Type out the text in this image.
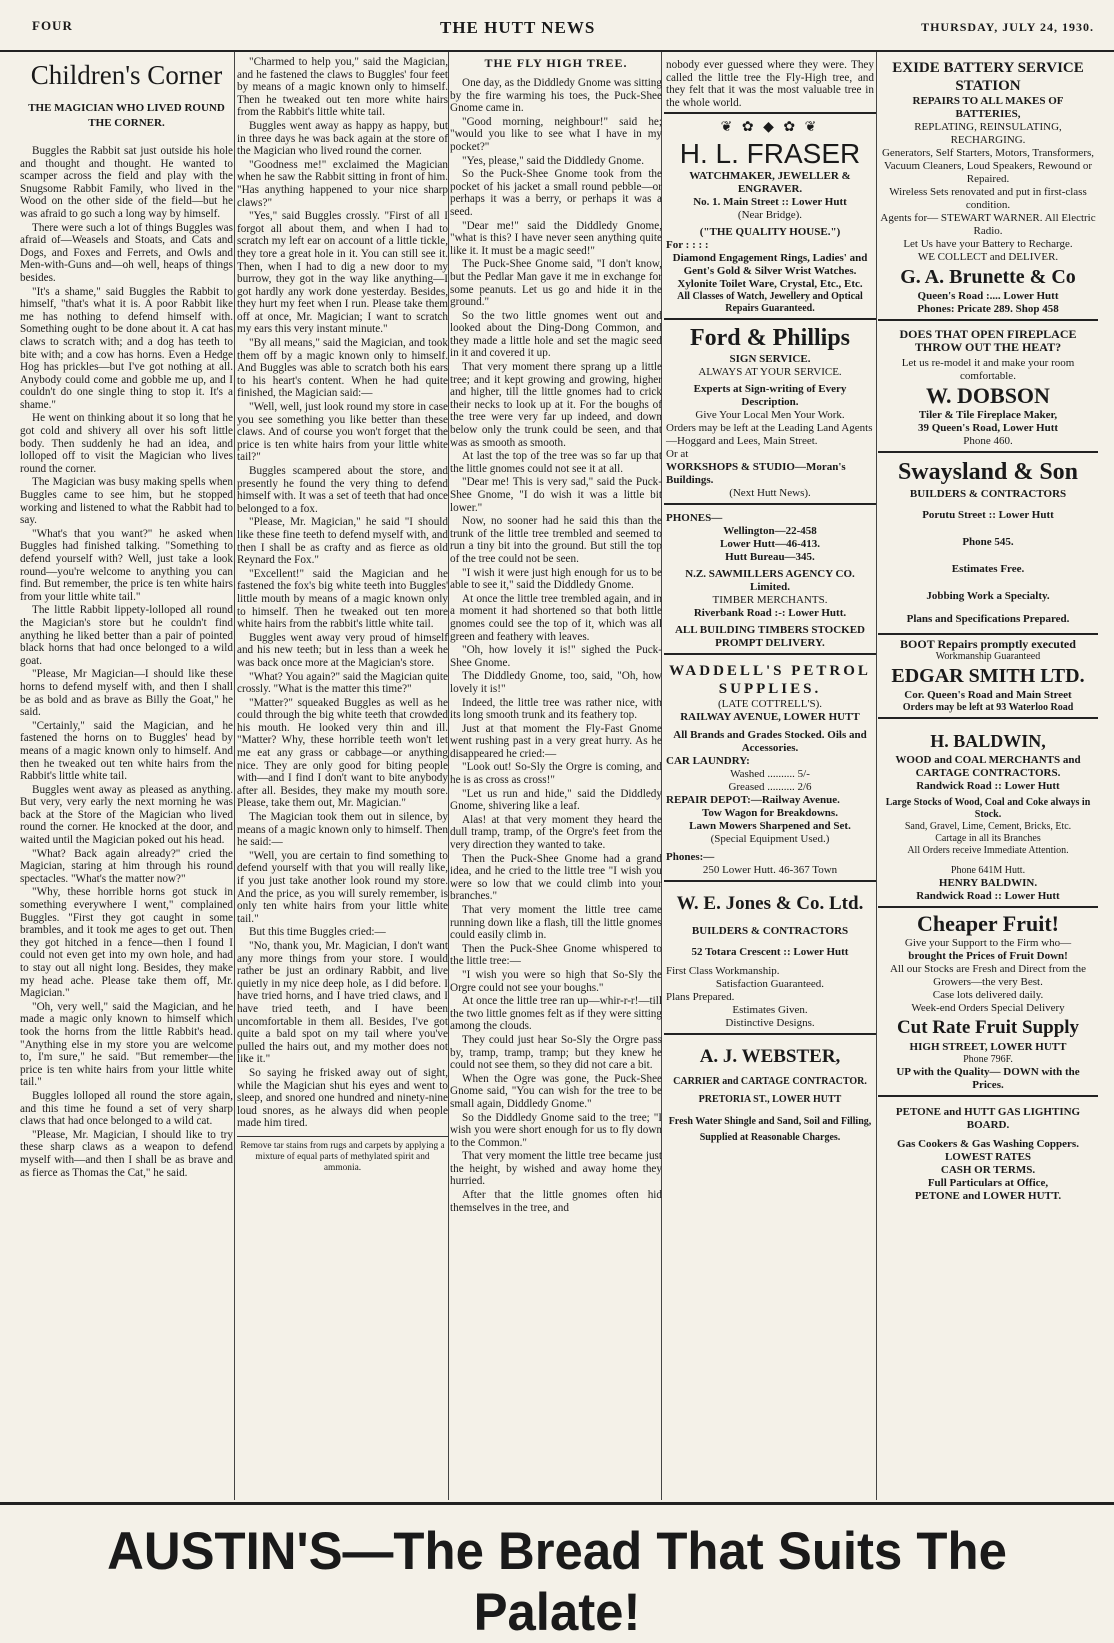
FOUR	THE HUTT NEWS	THURSDAY, JULY 24, 1930.
Children's Corner
THE MAGICIAN WHO LIVED ROUND THE CORNER.

Buggles the Rabbit sat just outside his hole and thought and thought. He wanted to scamper across the field and play with the Snugsome Rabbit Family, who lived in the Wood on the other side of the field—but he was afraid to go such a long way by himself.

There were such a lot of things Buggles was afraid of—Weasels and Stoats, and Cats and Dogs, and Foxes and Ferrets, and Owls and Men-with-Guns and—oh well, heaps of things besides.

"It's a shame," said Buggles the Rabbit to himself, "that's what it is. A poor Rabbit like me has nothing to defend himself with. Something ought to be done about it. A cat has claws to scratch with; and a dog has teeth to bite with; and a cow has horns. Even a Hedge Hog has prickles—but I've got nothing at all. Anybody could come and gobble me up, and I couldn't do one single thing to stop it. It's a shame."

He went on thinking about it so long that he got cold and shivery all over his soft little body. Then suddenly he had an idea, and lolloped off to visit the Magician who lives round the corner.

The Magician was busy making spells when Buggles came to see him, but he stopped working and listened to what the Rabbit had to say.

"What's that you want?" he asked when Buggles had finished talking. "Something to defend yourself with? Well, just take a look round—you're welcome to anything you can find. But remember, the price is ten white hairs from your little white tail."

The little Rabbit lippety-lolloped all round the Magician's store but he couldn't find anything he liked better than a pair of pointed black horns that had once belonged to a wild goat.

"Please, Mr Magician—I should like these horns to defend myself with, and then I shall be as bold and as brave as Billy the Goat," he said.

"Certainly," said the Magician, and he fastened the horns on to Buggles' head by means of a magic known only to himself. And then he tweaked out ten white hairs from the Rabbit's little white tail.

Buggles went away as pleased as anything. But very, very early the next morning he was back at the Store of the Magician who lived round the corner. He knocked at the door, and waited until the Magician poked out his head.

"What? Back again already?" cried the Magician, staring at him through his round spectacles. "What's the matter now?"

"Why, these horrible horns got stuck in something everywhere I went," complained Buggles. "First they got caught in some brambles, and it took me ages to get out. Then they got hitched in a fence—then I found I could not even get into my own hole, and had to stay out all night long. Besides, they make my head ache. Please take them off, Mr. Magician."

"Oh, very well," said the Magician, and he made a magic only known to himself which took the horns from the little Rabbit's head. "Anything else in my store you are welcome to, I'm sure," he said. "But remember—the price is ten white hairs from your little white tail."

Buggles lolloped all round the store again, and this time he found a set of very sharp claws that had once belonged to a wild cat.

"Please, Mr. Magician, I should like to try these sharp claws as a weapon to defend myself with—and then I shall be as brave and as fierce as Thomas the Cat," he said.

"Charmed to help you," said the Magician, and he fastened the claws to Buggles' four feet by means of a magic known only to himself. Then he tweaked out ten more white hairs from the Rabbit's little white tail.

Buggles went away as happy as happy, but in three days he was back again at the store of the Magician who lived round the corner.

"Goodness me!" exclaimed the Magician when he saw the Rabbit sitting in front of him. "Has anything happened to your nice sharp claws?"

"Yes," said Buggles crossly. "First of all I forgot all about them, and when I had to scratch my left ear on account of a little tickle, they tore a great hole in it. You can still see it. Then, when I had to dig a new door to my burrow, they got in the way like anything—I got hardly any work done yesterday. Besides, they hurt my feet when I run. Please take them off at once, Mr. Magician; I want to scratch my ears this very instant minute."

"By all means," said the Magician, and took them off by a magic known only to himself. And Buggles was able to scratch both his ears to his heart's content. When he had quite finished, the Magician said:—

"Well, well, just look round my store in case you see something you like better than these claws. And of course you won't forget that the price is ten white hairs from your little white tail?"

Buggles scampered about the store, and presently he found the very thing to defend himself with. It was a set of teeth that had once belonged to a fox.

"Please, Mr. Magician," he said "I should like these fine teeth to defend myself with, and then I shall be as crafty and as fierce as old Reynard the Fox."

"Excellent!" said the Magician and he fastened the fox's big white teeth into Buggles' little mouth by means of a magic known only to himself. Then he tweaked out ten more white hairs from the rabbit's little white tail.

Buggles went away very proud of himself and his new teeth; but in less than a week he was back once more at the Magician's store.

"What? You again?" said the Magician quite crossly. "What is the matter this time?"

"Matter?" squeaked Buggles as well as he could through the big white teeth that crowded his mouth. He looked very thin and ill. "Matter? Why, these horrible teeth won't let me eat any grass or cabbage—or anything nice. They are only good for biting people with—and I find I don't want to bite anybody after all. Besides, they make my mouth sore. Please, take them out, Mr. Magician."

The Magician took them out in silence, by means of a magic known only to himself. Then he said:—

"Well, you are certain to find something to defend yourself with that you will really like, if you just take another look round my store. And the price, as you will surely remember, is only ten white hairs from your little white tail."

But this time Buggles cried:—

"No, thank you, Mr. Magician, I don't want any more things from your store. I would rather be just an ordinary Rabbit, and live quietly in my nice deep hole, as I did before. I have tried horns, and I have tried claws, and I have tried teeth, and I have been uncomfortable in them all. Besides, I've got quite a bald spot on my tail where you've pulled the hairs out, and my mother does not like it."

So saying he frisked away out of sight, while the Magician shut his eyes and went to sleep, and snored one hundred and ninety-nine loud snores, as he always did when people made him tired.

Remove tar stains from rugs and carpets by applying a mixture of equal parts of methylated spirit and ammonia.
THE FLY HIGH TREE.

One day, as the Diddledy Gnome was sitting by the fire warming his toes, the Puck-Shee Gnome came in.

"Good morning, neighbour!" said he; "would you like to see what I have in my pocket?"

"Yes, please," said the Diddledy Gnome.

So the Puck-Shee Gnome took from the pocket of his jacket a small round pebble—or perhaps it was a berry, or perhaps it was a seed.

"Dear me!" said the Diddledy Gnome, "what is this? I have never seen anything quite like it. It must be a magic seed!"

The Puck-Shee Gnome said, "I don't know, but the Pedlar Man gave it me in exchange for some peanuts. Let us go and hide it in the ground."

So the two little gnomes went out and looked about the Ding-Dong Common, and they made a little hole and set the magic seed in it and covered it up.

That very moment there sprang up a little tree; and it kept growing and growing, higher and higher, till the little gnomes had to crick their necks to look up at it. For the boughs of the tree were very far up indeed, and down below only the trunk could be seen, and that was as smooth as smooth.

At last the top of the tree was so far up that the little gnomes could not see it at all.

"Dear me! This is very sad," said the Puck-Shee Gnome, "I do wish it was a little bit lower."

Now, no sooner had he said this than the trunk of the little tree trembled and seemed to run a tiny bit into the ground. But still the top of the tree could not be seen.

"I wish it were just high enough for us to be able to see it," said the Diddledy Gnome.

At once the little tree trembled again, and in a moment it had shortened so that both little gnomes could see the top of it, which was all green and feathery with leaves.

"Oh, how lovely it is!" sighed the Puck-Shee Gnome.

The Diddledy Gnome, too, said, "Oh, how lovely it is!"

Indeed, the little tree was rather nice, with its long smooth trunk and its feathery top.

Just at that moment the Fly-Fast Gnome went rushing past in a very great hurry. As he disappeared he cried:—

"Look out! So-Sly the Orgre is coming, and he is as cross as cross!"

"Let us run and hide," said the Diddledy Gnome, shivering like a leaf.

Alas! at that very moment they heard the dull tramp, tramp, of the Orgre's feet from the very direction they wanted to take.

Then the Puck-Shee Gnome had a grand idea, and he cried to the little tree "I wish you were so low that we could climb into your branches."

That very moment the little tree came running down like a flash, till the little gnomes could easily climb in.

Then the Puck-Shee Gnome whispered to the little tree:—

"I wish you were so high that So-Sly the Orgre could not see your boughs."

At once the little tree ran up—whir-r-r!—till the two little gnomes felt as if they were sitting among the clouds.

They could just hear So-Sly the Orgre pass by, tramp, tramp, tramp; but they knew he could not see them, so they did not care a bit.

When the Ogre was gone, the Puck-Shee Gnome said, "You can wish for the tree to be small again, Diddledy Gnome."

So the Diddledy Gnome said to the tree; "I wish you were short enough for us to fly down to the Common."

That very moment the little tree became just the height, by wished and away home they hurried.

After that the little gnomes often hid themselves in the tree, and

nobody ever guessed where they were. They called the little tree the Fly-High tree, and they felt that it was the most valuable tree in the whole world.
❦ ✿ ◆ ✿ ❦
H. L. FRASER
WATCHMAKER, JEWELLER & ENGRAVER.
No. 1. Main Street :: Lower Hutt
(Near Bridge).
("THE QUALITY HOUSE.")
For : : : :
Diamond Engagement Rings, Ladies' and Gent's Gold & Silver Wrist Watches.
Xylonite Toilet Ware, Crystal, Etc., Etc.
All Classes of Watch, Jewellery and Optical Repairs Guaranteed.
Ford & Phillips
SIGN SERVICE.
ALWAYS AT YOUR SERVICE.
Experts at Sign-writing of Every Description.
Give Your Local Men Your Work.
Orders may be left at the Leading Land Agents—Hoggard and Lees, Main Street.
Or at
WORKSHOPS & STUDIO—Moran's Buildings.
(Next Hutt News).
PHONES—
Wellington—22-458
Lower Hutt—46-413.
Hutt Bureau—345.
N.Z. SAWMILLERS AGENCY CO. Limited.
TIMBER MERCHANTS.
Riverbank Road :-: Lower Hutt.
ALL BUILDING TIMBERS STOCKED PROMPT DELIVERY.
WADDELL'S PETROL SUPPLIES.
(LATE COTTRELL'S).
RAILWAY AVENUE, LOWER HUTT
All Brands and Grades Stocked. Oils and Accessories.
CAR LAUNDRY:
Washed .......... 5/-
Greased .......... 2/6
REPAIR DEPOT:—Railway Avenue.
Tow Wagon for Breakdowns.
Lawn Mowers Sharpened and Set.
(Special Equipment Used.)
Phones:—
250 Lower Hutt. 46-367 Town
W. E. Jones & Co. Ltd.
BUILDERS & CONTRACTORS
52 Totara Crescent :: Lower Hutt
First Class Workmanship.
Satisfaction Guaranteed.
Plans Prepared.
Estimates Given.
Distinctive Designs.
A. J. WEBSTER,
CARRIER and CARTAGE CONTRACTOR.
PRETORIA ST., LOWER HUTT
Fresh Water Shingle and Sand, Soil and Filling,
Supplied at Reasonable Charges.
EXIDE BATTERY SERVICE STATION
REPAIRS TO ALL MAKES OF BATTERIES,
REPLATING, REINSULATING, RECHARGING.
Generators, Self Starters, Motors, Transformers, Vacuum Cleaners, Loud Speakers, Rewound or Repaired.
Wireless Sets renovated and put in first-class condition.
Agents for— STEWART WARNER. All Electric Radio.
Let Us have your Battery to Recharge.
WE COLLECT and DELIVER.
G. A. Brunette & Co
Queen's Road :.... Lower Hutt
Phones: Pricate 289. Shop 458
DOES THAT OPEN FIREPLACE THROW OUT THE HEAT?
Let us re-model it and make your room comfortable.
W. DOBSON
Tiler & Tile Fireplace Maker,
39 Queen's Road, Lower Hutt
Phone 460.
Swaysland & Son
BUILDERS & CONTRACTORS
Porutu Street :: Lower Hutt
Phone 545.
Estimates Free.
Jobbing Work a Specialty.
Plans and Specifications Prepared.
BOOT Repairs promptly executed
Workmanship Guaranteed
EDGAR SMITH LTD.
Cor. Queen's Road and Main Street
Orders may be left at 93 Waterloo Road
H. BALDWIN,
WOOD and COAL MERCHANTS and CARTAGE CONTRACTORS.
Randwick Road :: Lower Hutt
Large Stocks of Wood, Coal and Coke always in Stock.
Sand, Gravel, Lime, Cement, Bricks, Etc.
Cartage in all its Branches
All Orders receive Immediate Attention.
Phone 641M Hutt.
HENRY BALDWIN.
Randwick Road :: Lower Hutt
Cheaper Fruit!
Give your Support to the Firm who—
brought the Prices of Fruit Down!
All our Stocks are Fresh and Direct from the Growers—the very Best.
Case lots delivered daily.
Week-end Orders Special Delivery
Cut Rate Fruit Supply
HIGH STREET, LOWER HUTT
Phone 796F.
UP with the Quality— DOWN with the Prices.
PETONE and HUTT GAS LIGHTING BOARD.
Gas Cookers & Gas Washing Coppers.
LOWEST RATES
CASH OR TERMS.
Full Particulars at Office,
PETONE and LOWER HUTT.
AUSTIN'S—The Bread That Suits The Palate!
